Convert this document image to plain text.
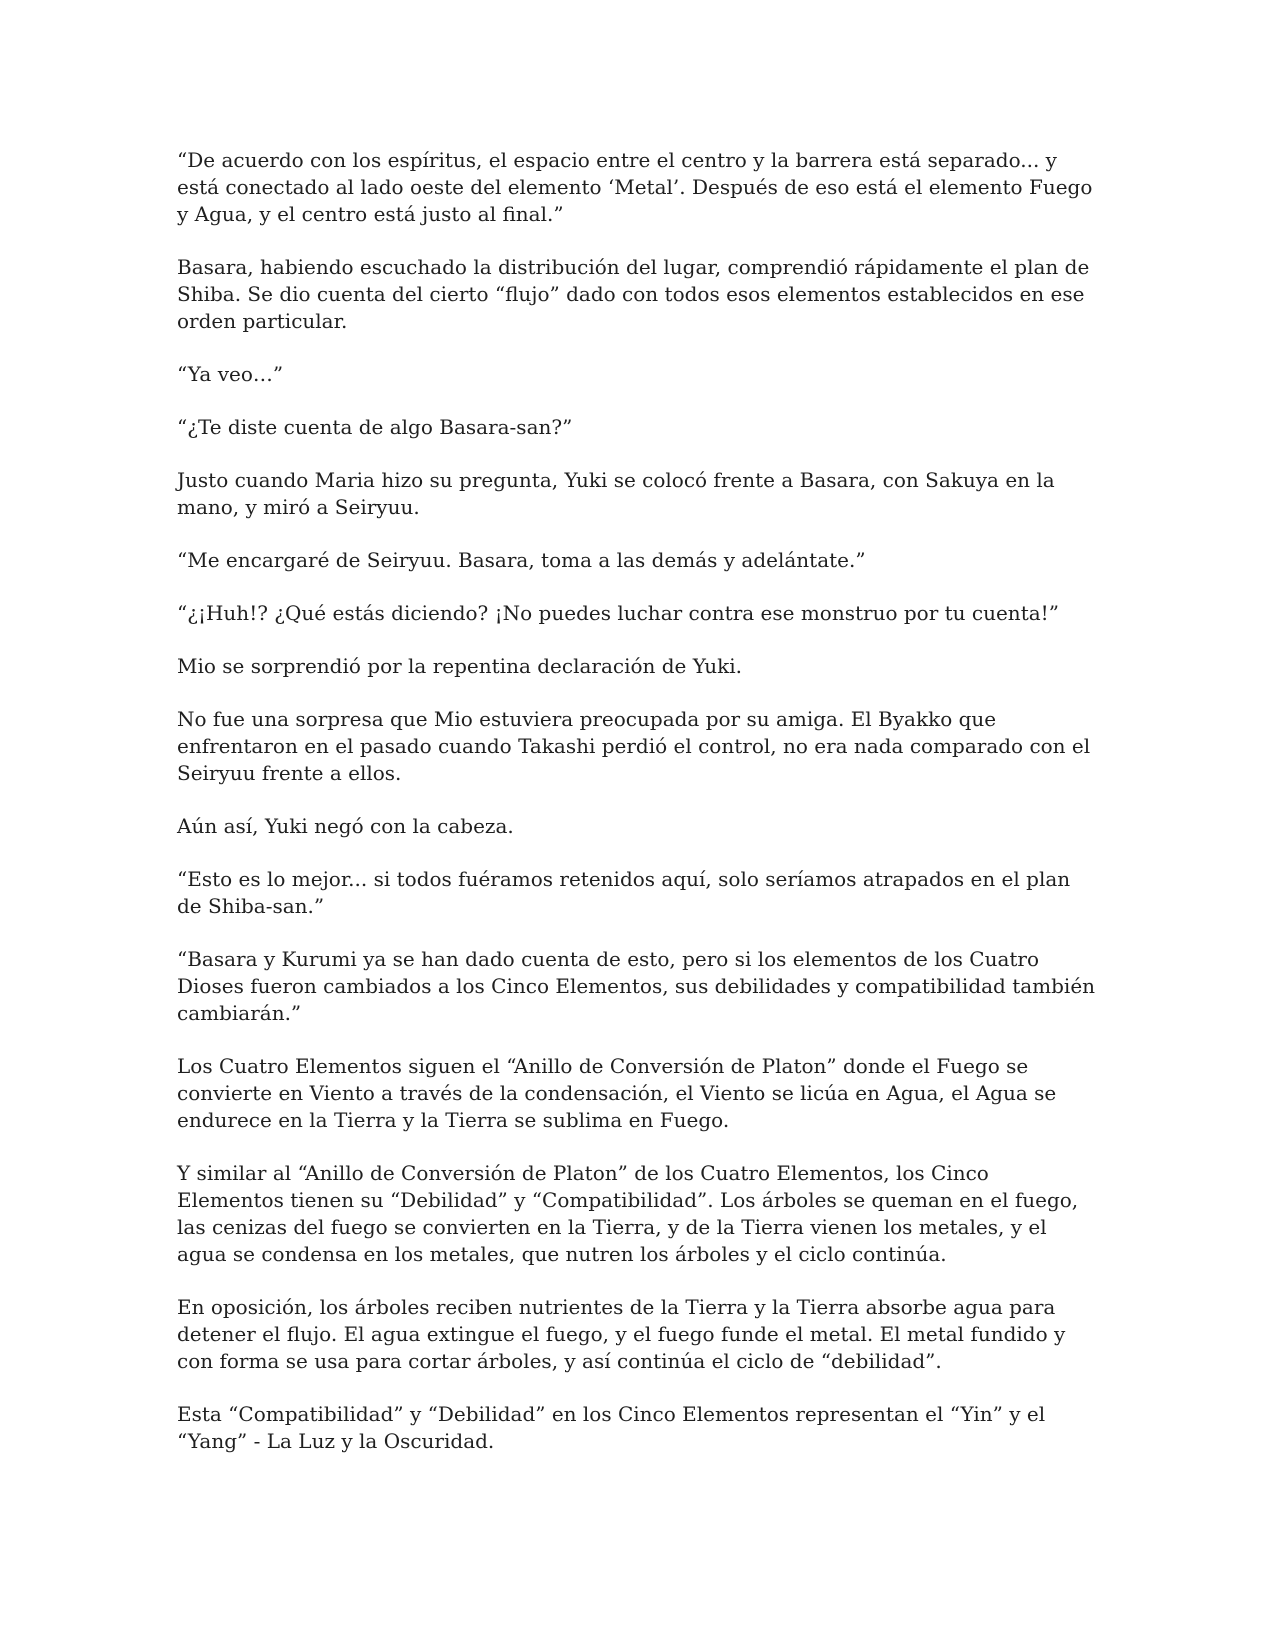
“De acuerdo con los espíritus, el espacio entre el centro y la barrera está separado... y está conectado al lado oeste del elemento ‘Metal’. Después de eso está el elemento Fuego y Agua, y el centro está justo al final.”

Basara, habiendo escuchado la distribución del lugar, comprendió rápidamente el plan de Shiba. Se dio cuenta del cierto “flujo” dado con todos esos elementos establecidos en ese orden particular.

“Ya veo…”

“¿Te diste cuenta de algo Basara-san?”

Justo cuando Maria hizo su pregunta, Yuki se colocó frente a Basara, con Sakuya en la mano, y miró a Seiryuu.

“Me encargaré de Seiryuu. Basara, toma a las demás y adelántate.”

“¿¡Huh!? ¿Qué estás diciendo? ¡No puedes luchar contra ese monstruo por tu cuenta!”

Mio se sorprendió por la repentina declaración de Yuki.

No fue una sorpresa que Mio estuviera preocupada por su amiga. El Byakko que enfrentaron en el pasado cuando Takashi perdió el control, no era nada comparado con el Seiryuu frente a ellos.

Aún así, Yuki negó con la cabeza.

“Esto es lo mejor... si todos fuéramos retenidos aquí, solo seríamos atrapados en el plan de Shiba-san.”

“Basara y Kurumi ya se han dado cuenta de esto, pero si los elementos de los Cuatro Dioses fueron cambiados a los Cinco Elementos, sus debilidades y compatibilidad también cambiarán.”

Los Cuatro Elementos siguen el “Anillo de Conversión de Platon” donde el Fuego se convierte en Viento a través de la condensación, el Viento se licúa en Agua, el Agua se endurece en la Tierra y la Tierra se sublima en Fuego.

Y similar al “Anillo de Conversión de Platon” de los Cuatro Elementos, los Cinco Elementos tienen su “Debilidad” y “Compatibilidad”. Los árboles se queman en el fuego, las cenizas del fuego se convierten en la Tierra, y de la Tierra vienen los metales, y el agua se condensa en los metales, que nutren los árboles y el ciclo continúa.

En oposición, los árboles reciben nutrientes de la Tierra y la Tierra absorbe agua para detener el flujo. El agua extingue el fuego, y el fuego funde el metal. El metal fundido y con forma se usa para cortar árboles, y así continúa el ciclo de “debilidad”.

Esta “Compatibilidad” y “Debilidad” en los Cinco Elementos representan el “Yin” y el “Yang” - La Luz y la Oscuridad.
